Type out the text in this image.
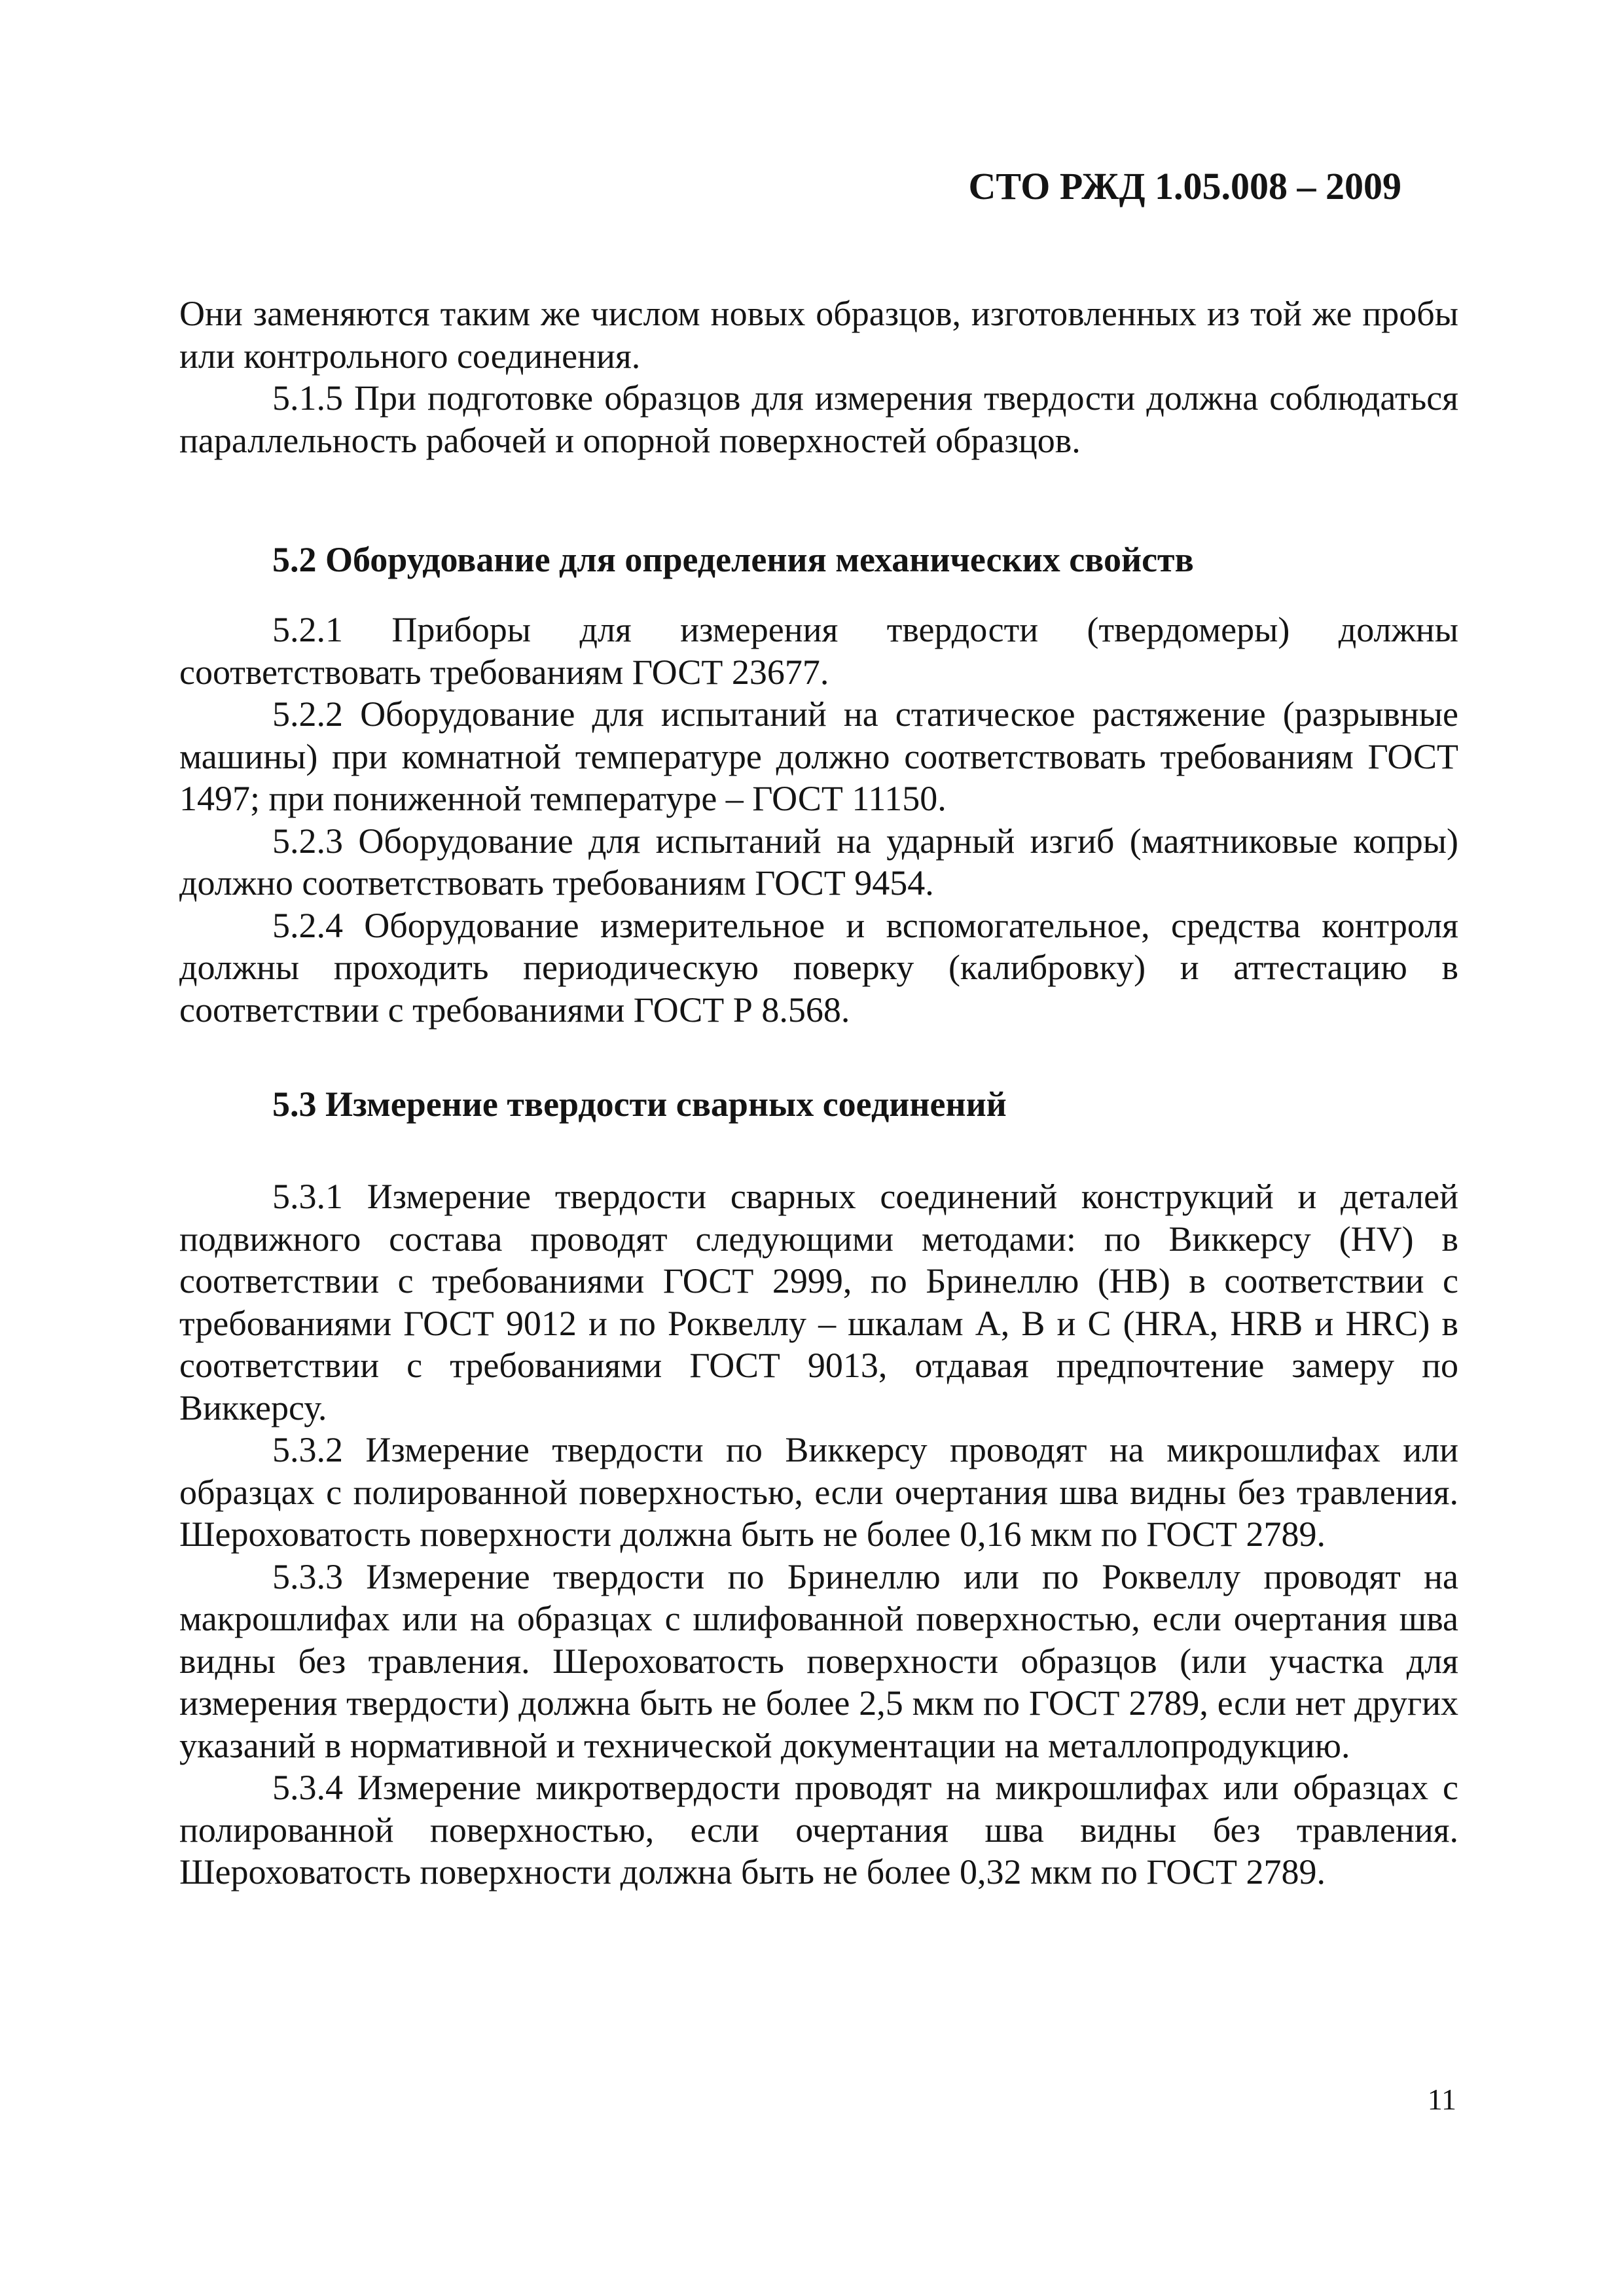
СТО РЖД 1.05.008 – 2009

Они заменяются таким же числом новых образцов, изготовленных из той же пробы или контрольного соединения.

5.1.5 При подготовке образцов для измерения твердости должна соблюдаться параллельность рабочей и опорной поверхностей образцов.

5.2 Оборудование для определения механических свойств

5.2.1 Приборы для измерения твердости (твердомеры) должны соответствовать требованиям ГОСТ 23677.

5.2.2 Оборудование для испытаний на статическое растяжение (разрывные машины) при комнатной температуре должно соответствовать требованиям ГОСТ 1497; при пониженной температуре – ГОСТ 11150.

5.2.3 Оборудование для испытаний на ударный изгиб (маятниковые копры) должно соответствовать требованиям ГОСТ 9454.

5.2.4 Оборудование измерительное и вспомогательное, средства контроля должны проходить периодическую поверку (калибровку) и аттестацию в соответствии с требованиями ГОСТ Р 8.568.

5.3 Измерение твердости сварных соединений

5.3.1 Измерение твердости сварных соединений конструкций и деталей подвижного состава проводят следующими методами: по Виккерсу (HV) в соответствии с требованиями ГОСТ 2999, по Бринеллю (НВ) в соответствии с требованиями ГОСТ 9012 и по Роквеллу – шкалам А, В и С (HRA, HRB и HRC) в соответствии с требованиями ГОСТ 9013, отдавая предпочтение замеру по Виккерсу.

5.3.2 Измерение твердости по Виккерсу проводят на микрошлифах или образцах с полированной поверхностью, если очертания шва видны без травления. Шероховатость поверхности должна быть не более 0,16 мкм по ГОСТ 2789.

5.3.3 Измерение твердости по Бринеллю или по Роквеллу проводят на макрошлифах или на образцах с шлифованной поверхностью, если очертания шва видны без травления. Шероховатость поверхности образцов (или участка для измерения твердости) должна быть не более 2,5 мкм по ГОСТ 2789, если нет других указаний в нормативной и технической документации на металлопродукцию.

5.3.4 Измерение микротвердости проводят на микрошлифах или образцах с полированной поверхностью, если очертания шва видны без травления. Шероховатость поверхности должна быть не более 0,32 мкм по ГОСТ 2789.

11
